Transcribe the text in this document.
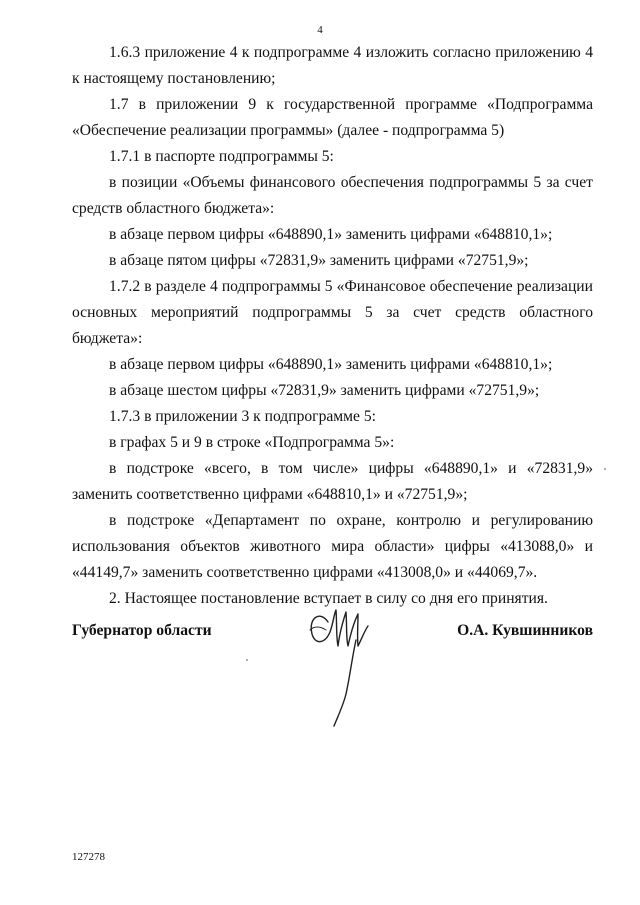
4

1.6.3 приложение 4 к подпрограмме 4 изложить согласно приложению 4 к настоящему постановлению;

1.7 в приложении 9 к государственной программе «Подпрограмма «Обеспечение реализации программы» (далее - подпрограмма 5)

1.7.1 в паспорте подпрограммы 5:

в позиции «Объемы финансового обеспечения подпрограммы 5 за счет средств областного бюджета»:

в абзаце первом цифры «648890,1» заменить цифрами «648810,1»;

в абзаце пятом цифры «72831,9» заменить цифрами «72751,9»;

1.7.2 в разделе 4 подпрограммы 5 «Финансовое обеспечение реализации основных мероприятий подпрограммы 5 за счет средств областного бюджета»:

в абзаце первом цифры «648890,1» заменить цифрами «648810,1»;

в абзаце шестом цифры «72831,9» заменить цифрами «72751,9»;

1.7.3 в приложении 3 к подпрограмме 5:

в графах 5 и 9 в строке «Подпрограмма 5»:

в подстроке «всего, в том числе» цифры «648890,1» и «72831,9» заменить соответственно цифрами «648810,1» и «72751,9»;

в подстроке «Департамент по охране, контролю и регулированию использования объектов животного мира области» цифры «413088,0» и «44149,7» заменить соответственно цифрами «413008,0» и «44069,7».

2. Настоящее постановление вступает в силу со дня его принятия.

Губернатор области	О.А. Кувшинников
127278
